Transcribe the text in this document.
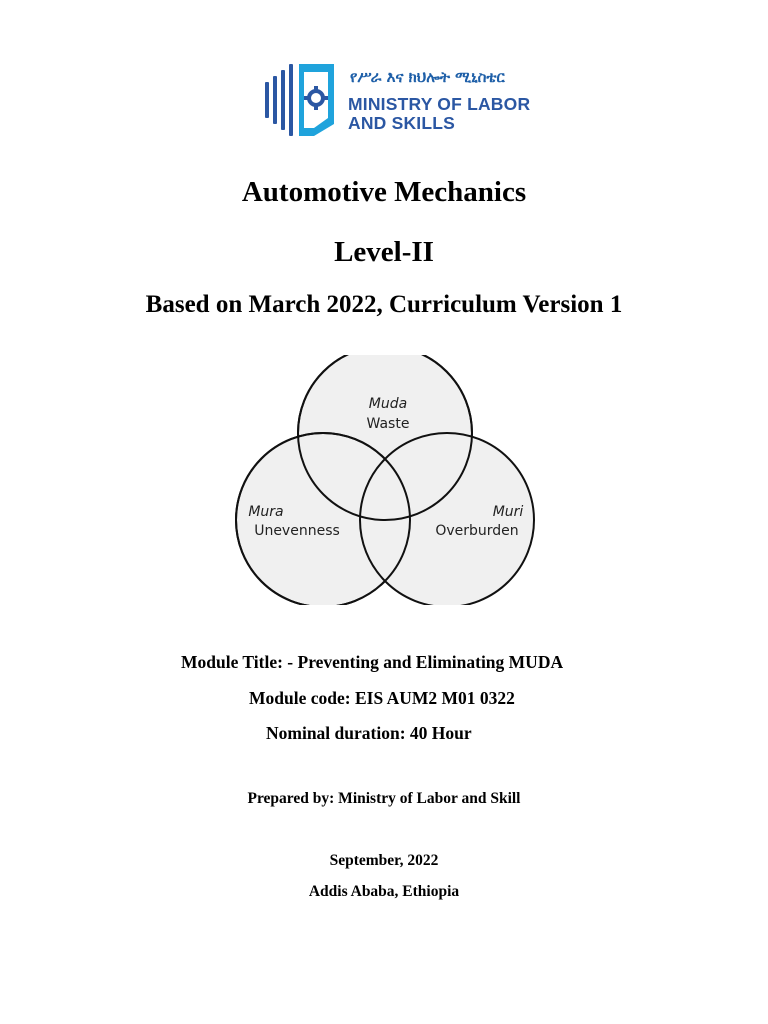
የሥራ እና ክህሎት ሚኒስቴር
MINISTRY OF LABOR
AND SKILLS
Automotive Mechanics
Level-II
Based on March 2022, Curriculum Version 1
Muda
Waste
Mura
Unevenness
Muri
Overburden

Module Title: - Preventing and Eliminating MUDA

Module code: EIS AUM2 M01 0322

Nominal duration: 40 Hour

Prepared by: Ministry of Labor and Skill

September, 2022

Addis Ababa, Ethiopia
